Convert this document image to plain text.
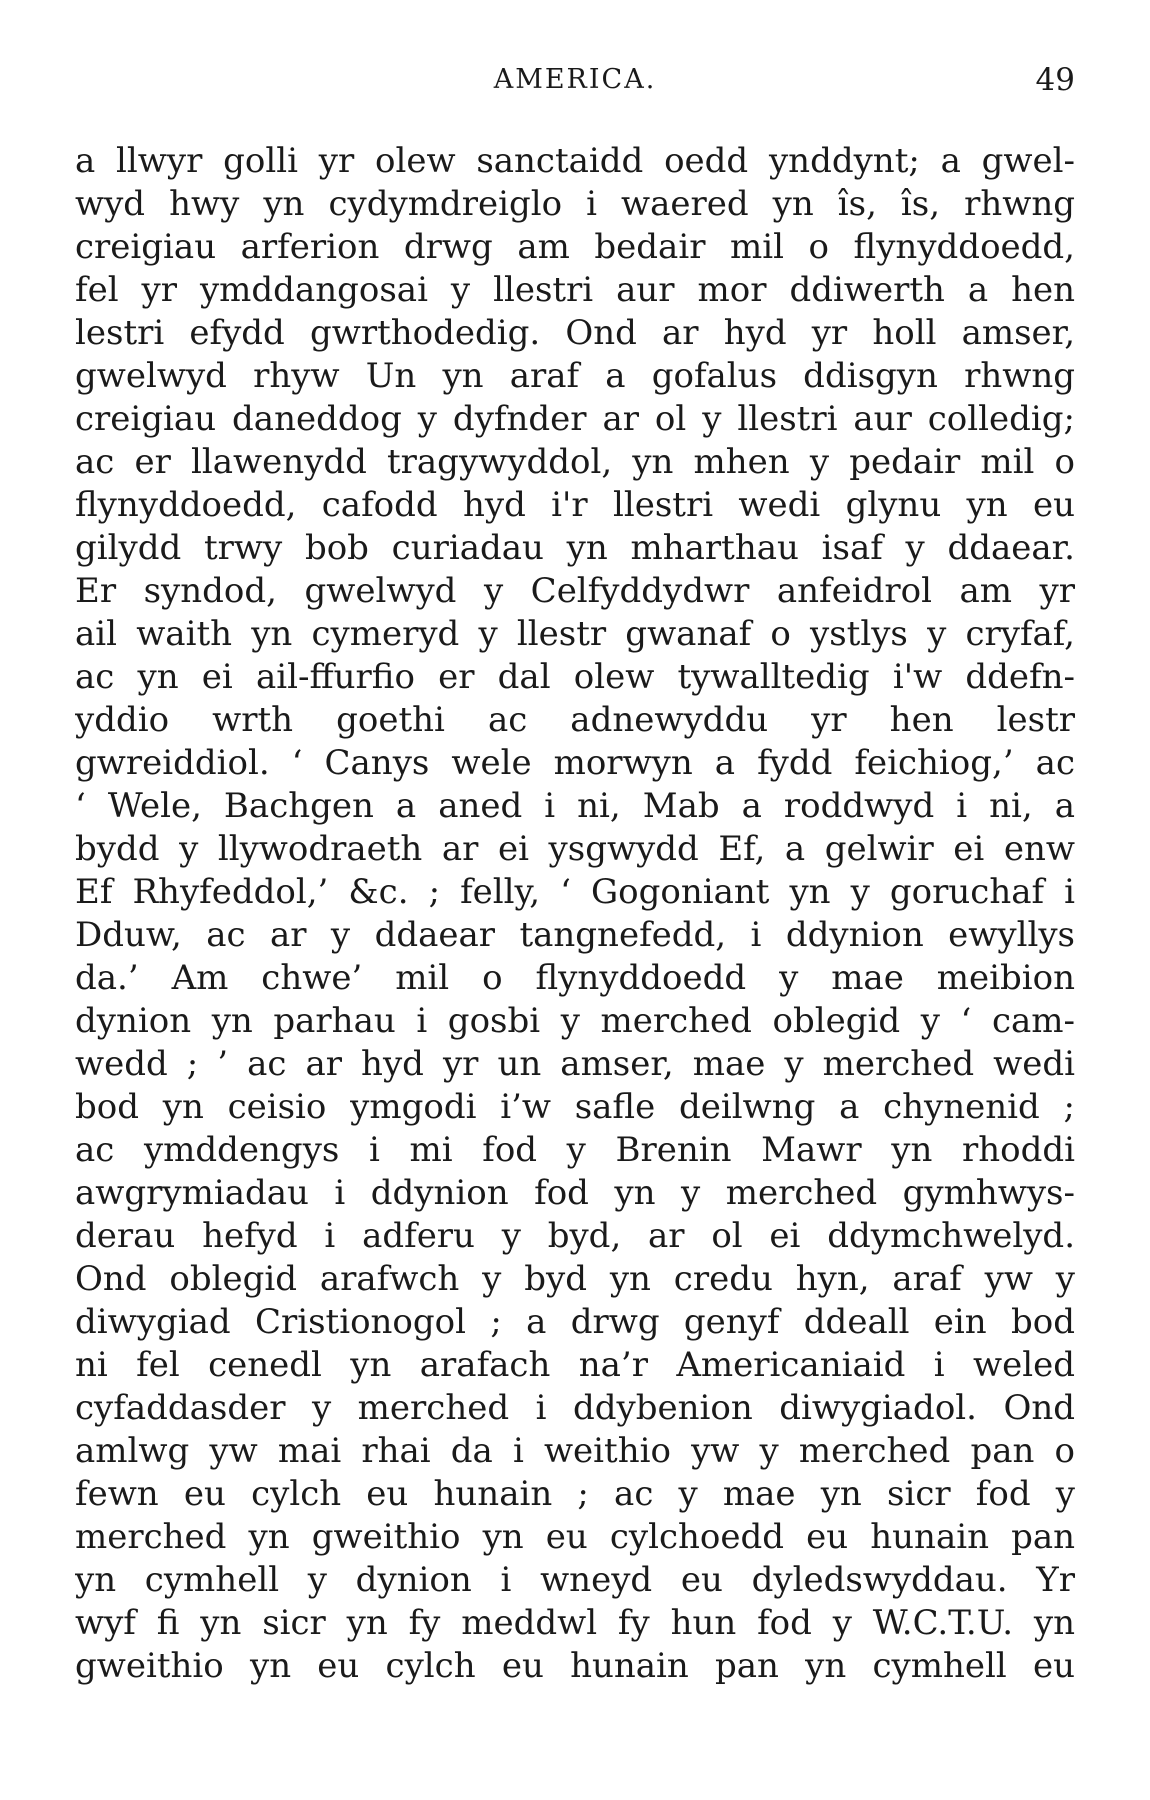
AMERICA.	49
a llwyr golli yr olew sanctaidd oedd ynddynt; a gwel-
wyd hwy yn cydymdreiglo i waered yn îs, îs, rhwng
creigiau arferion drwg am bedair mil o flynyddoedd,
fel yr ymddangosai y llestri aur mor ddiwerth a hen
lestri efydd gwrthodedig. Ond ar hyd yr holl amser,
gwelwyd rhyw Un yn araf a gofalus ddisgyn rhwng
creigiau daneddog y dyfnder ar ol y llestri aur colledig;
ac er llawenydd tragywyddol, yn mhen y pedair mil o
flynyddoedd, cafodd hyd i'r llestri wedi glynu yn eu
gilydd trwy bob curiadau yn mharthau isaf y ddaear.
Er syndod, gwelwyd y Celfyddydwr anfeidrol am yr
ail waith yn cymeryd y llestr gwanaf o ystlys y cryfaf,
ac yn ei ail-ffurfio er dal olew tywalltedig i'w ddefn-
yddio wrth goethi ac adnewyddu yr hen lestr
gwreiddiol. ‘ Canys wele morwyn a fydd feichiog,’ ac
‘ Wele, Bachgen a aned i ni, Mab a roddwyd i ni, a
bydd y llywodraeth ar ei ysgwydd Ef, a gelwir ei enw
Ef Rhyfeddol,’ &c. ; felly, ‘ Gogoniant yn y goruchaf i
Dduw, ac ar y ddaear tangnefedd, i ddynion ewyllys
da.’ Am chwe’ mil o flynyddoedd y mae meibion
dynion yn parhau i gosbi y merched oblegid y ‘ cam-
wedd ; ’ ac ar hyd yr un amser, mae y merched wedi
bod yn ceisio ymgodi i’w safle deilwng a chynenid ;
ac ymddengys i mi fod y Brenin Mawr yn rhoddi
awgrymiadau i ddynion fod yn y merched gymhwys-
derau hefyd i adferu y byd, ar ol ei ddymchwelyd.
Ond oblegid arafwch y byd yn credu hyn, araf yw y
diwygiad Cristionogol ; a drwg genyf ddeall ein bod
ni fel cenedl yn arafach na’r Americaniaid i weled
cyfaddasder y merched i ddybenion diwygiadol. Ond
amlwg yw mai rhai da i weithio yw y merched pan o
fewn eu cylch eu hunain ; ac y mae yn sicr fod y
merched yn gweithio yn eu cylchoedd eu hunain pan
yn cymhell y dynion i wneyd eu dyledswyddau. Yr
wyf fi yn sicr yn fy meddwl fy hun fod y W.C.T.U. yn
gweithio yn eu cylch eu hunain pan yn cymhell eu
